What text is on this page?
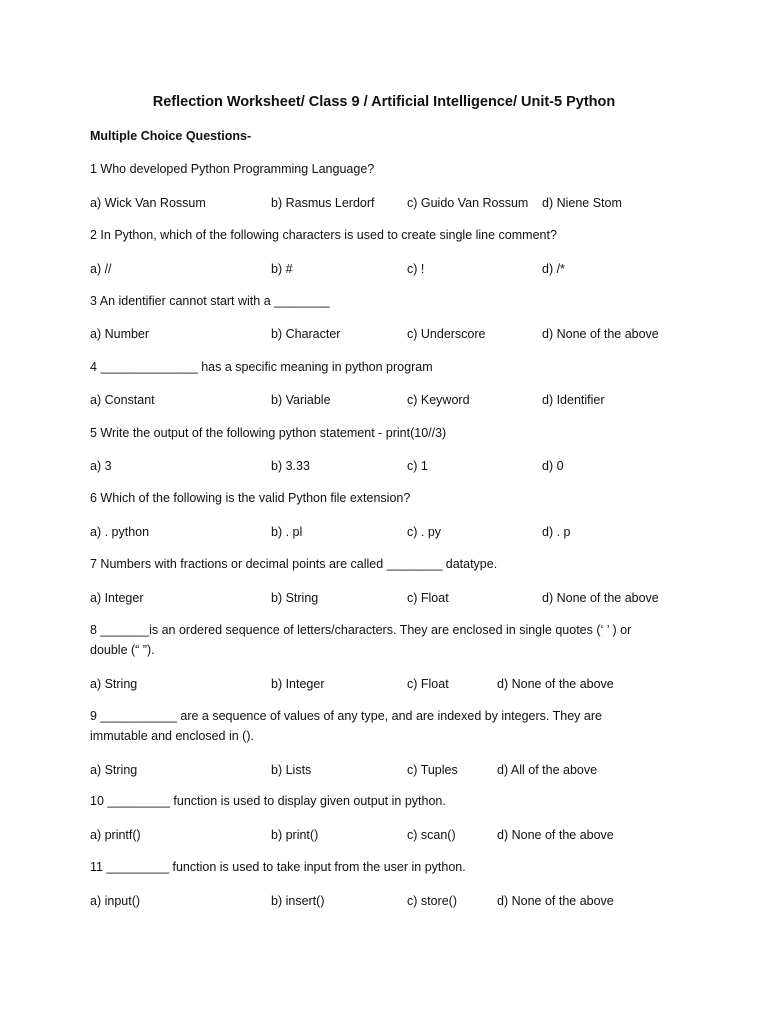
Reflection Worksheet/ Class 9 / Artificial Intelligence/ Unit-5 Python
Multiple Choice Questions-
1 Who developed Python Programming Language?
a) Wick Van Rossum	b) Rasmus Lerdorf	c) Guido Van Rossum d) Niene Stom
2 In Python, which of the following characters is used to create single line comment?
a) //	b) #	c) !	d) /*
3 An identifier cannot start with a ________
a) Number	b) Character	c) Underscore	d) None of the above
4 ______________ has a specific meaning in python program
a) Constant	b) Variable	c) Keyword	d) Identifier
5 Write the output of the following python statement - print(10//3)
a) 3	b) 3.33	c) 1	d) 0
6 Which of the following is the valid Python file extension?
a) . python	b) . pl	c) . py	d) . p
7 Numbers with fractions or decimal points are called ________ datatype.
a) Integer	b) String	c) Float	d) None of the above
8 _______is an ordered sequence of letters/characters. They are enclosed in single quotes (‘ ’ ) or double (“ ”).
a) String	b) Integer	c) Float	d) None of the above
9 ___________ are a sequence of values of any type, and are indexed by integers. They are immutable and enclosed in ().
a) String	b) Lists	c) Tuples	d) All of the above
10 _________ function is used to display given output in python.
a) printf()	b) print()	c) scan()	d) None of the above
11 _________ function is used to take input from the user in python.
a) input()	b) insert()	c) store()	d) None of the above
